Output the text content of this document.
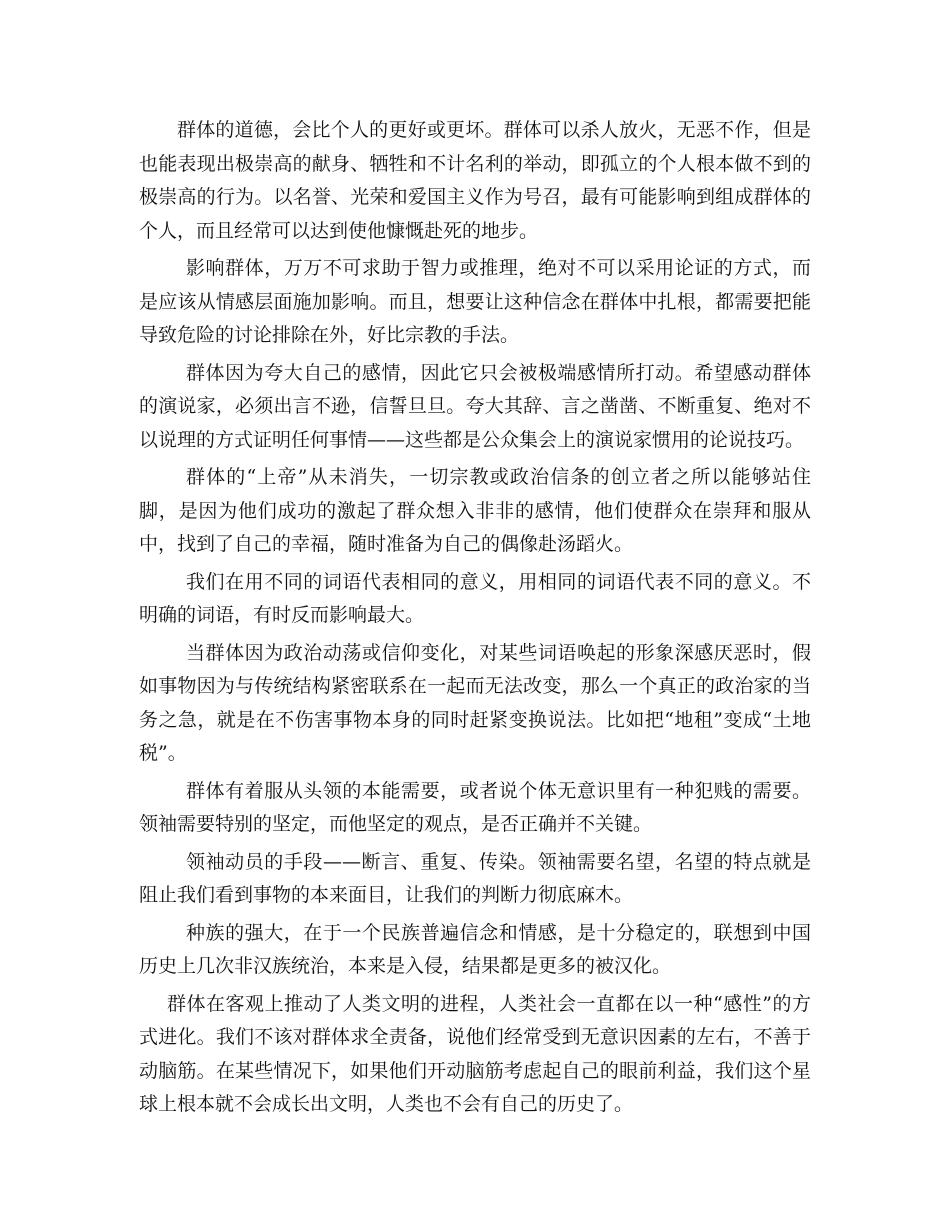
群体的道德，会比个人的更好或更坏。群体可以杀人放火，无恶不作，但是也能表现出极崇高的献身、牺牲和不计名利的举动，即孤立的个人根本做不到的极崇高的行为。以名誉、光荣和爱国主义作为号召，最有可能影响到组成群体的个人，而且经常可以达到使他慷慨赴死的地步。

影响群体，万万不可求助于智力或推理，绝对不可以采用论证的方式，而是应该从情感层面施加影响。而且，想要让这种信念在群体中扎根，都需要把能导致危险的讨论排除在外，好比宗教的手法。

群体因为夸大自己的感情，因此它只会被极端感情所打动。希望感动群体的演说家，必须出言不逊，信誓旦旦。夸大其辞、言之凿凿、不断重复、绝对不以说理的方式证明任何事情——这些都是公众集会上的演说家惯用的论说技巧。

群体的“上帝”从未消失，一切宗教或政治信条的创立者之所以能够站住脚，是因为他们成功的激起了群众想入非非的感情，他们使群众在崇拜和服从中，找到了自己的幸福，随时准备为自己的偶像赴汤蹈火。

我们在用不同的词语代表相同的意义，用相同的词语代表不同的意义。不明确的词语，有时反而影响最大。

当群体因为政治动荡或信仰变化，对某些词语唤起的形象深感厌恶时，假如事物因为与传统结构紧密联系在一起而无法改变，那么一个真正的政治家的当务之急，就是在不伤害事物本身的同时赶紧变换说法。比如把“地租”变成“土地税”。

群体有着服从头领的本能需要，或者说个体无意识里有一种犯贱的需要。领袖需要特别的坚定，而他坚定的观点，是否正确并不关键。

领袖动员的手段——断言、重复、传染。领袖需要名望，名望的特点就是阻止我们看到事物的本来面目，让我们的判断力彻底麻木。

种族的强大，在于一个民族普遍信念和情感，是十分稳定的，联想到中国历史上几次非汉族统治，本来是入侵，结果都是更多的被汉化。

群体在客观上推动了人类文明的进程，人类社会一直都在以一种“感性”的方式进化。我们不该对群体求全责备，说他们经常受到无意识因素的左右，不善于动脑筋。在某些情况下，如果他们开动脑筋考虑起自己的眼前利益，我们这个星球上根本就不会成长出文明，人类也不会有自己的历史了。
